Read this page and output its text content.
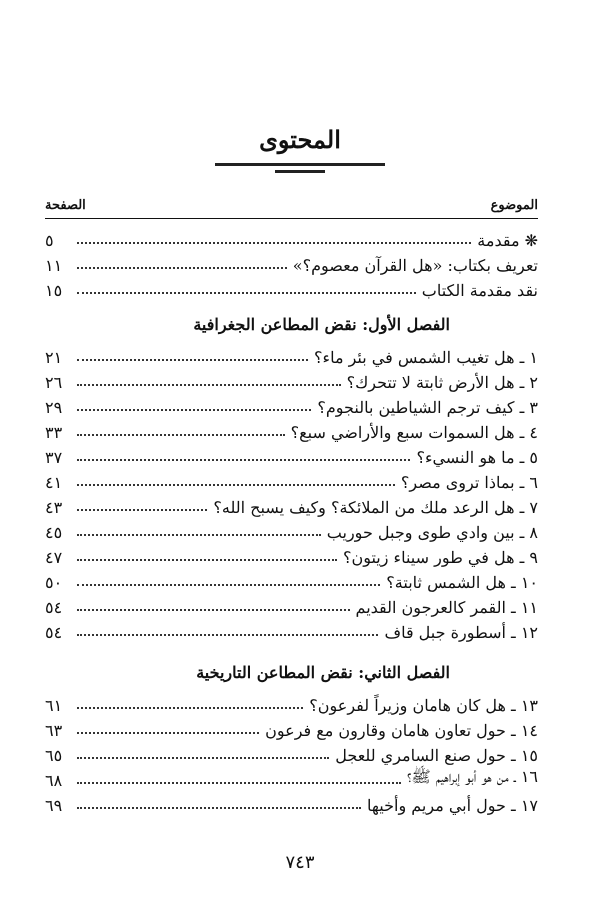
المحتوى
الموضوع
الصفحة
❋ مقدمة
٥
تعريف بكتاب: «هل القرآن معصوم؟»
١١
نقد مقدمة الكتاب
١٥
الفصل الأول: نقض المطاعن الجغرافية
١ ـ هل تغيب الشمس في بئر ماء؟
٢١
٢ ـ هل الأرض ثابتة لا تتحرك؟
٢٦
٣ ـ كيف ترجم الشياطين بالنجوم؟
٢٩
٤ ـ هل السموات سبع والأراضي سبع؟
٣٣
٥ ـ ما هو النسيء؟
٣٧
٦ ـ بماذا تروى مصر؟
٤١
٧ ـ هل الرعد ملك من الملائكة؟ وكيف يسبح الله؟
٤٣
٨ ـ بين وادي طوى وجبل حوريب
٤٥
٩ ـ هل في طور سيناء زيتون؟
٤٧
١٠ ـ هل الشمس ثابتة؟
٥٠
١١ ـ القمر كالعرجون القديم
٥٤
١٢ ـ أسطورة جبل قاف
٥٤
الفصل الثاني: نقض المطاعن التاريخية
١٣ ـ هل كان هامان وزيراً لفرعون؟
٦١
١٤ ـ حول تعاون هامان وقارون مع فرعون
٦٣
١٥ ـ حول صنع السامري للعجل
٦٥
١٦ ـ من هو أبو إبراهيم ﷺ؟
٦٨
١٧ ـ حول أبي مريم وأخيها
٦٩
٧٤٣
